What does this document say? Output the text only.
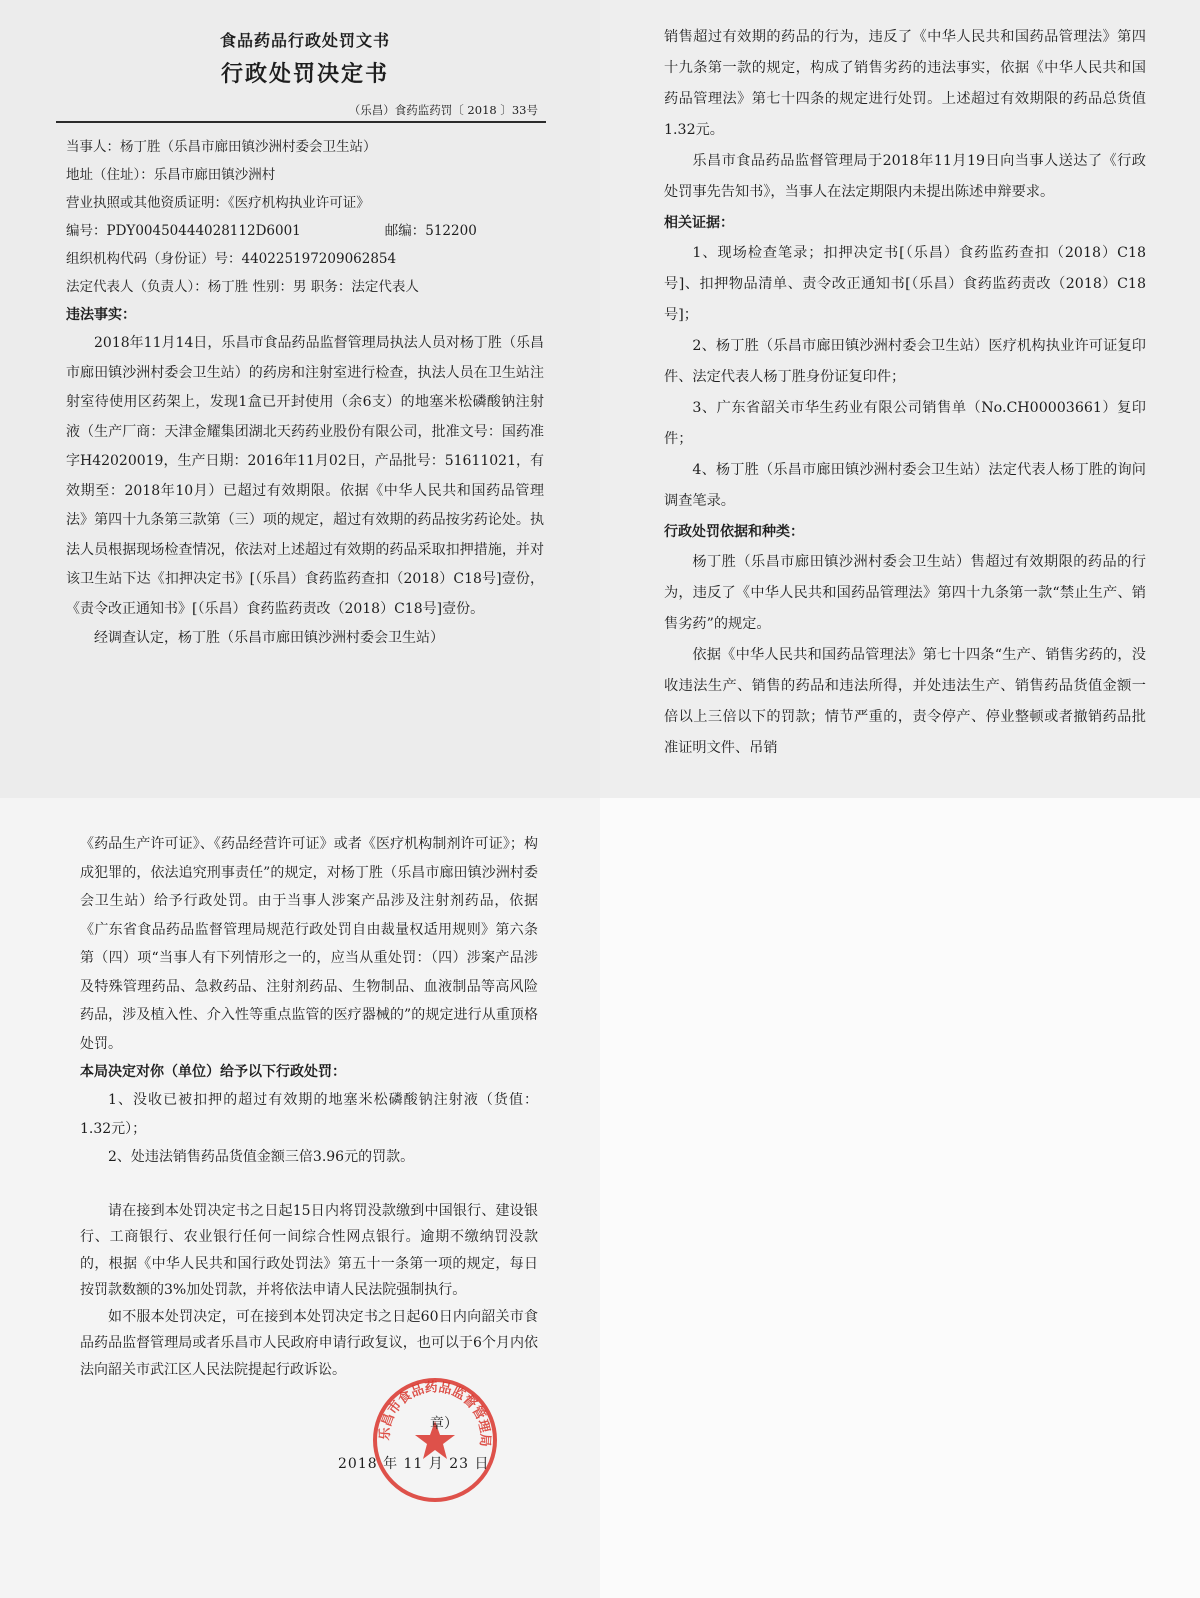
食品药品行政处罚文书

行政处罚决定书

（乐昌）食药监药罚〔 2018 〕33号

当事人：杨丁胜（乐昌市廊田镇沙洲村委会卫生站）

地址（住址）：乐昌市廊田镇沙洲村

营业执照或其他资质证明：《医疗机构执业许可证》

编号：PDY00450444028112D6001	邮编：512200

组织机构代码（身份证）号：440225197209062854

法定代表人（负责人）：杨丁胜 性别：男 职务：法定代表人

违法事实：

2018年11月14日，乐昌市食品药品监督管理局执法人员对杨丁胜（乐昌市廊田镇沙洲村委会卫生站）的药房和注射室进行检查，执法人员在卫生站注射室待使用区药架上，发现1盒已开封使用（余6支）的地塞米松磷酸钠注射液（生产厂商：天津金耀集团湖北天药药业股份有限公司，批准文号：国药准字H42020019，生产日期：2016年11月02日，产品批号：51611021，有效期至：2018年10月）已超过有效期限。依据《中华人民共和国药品管理法》第四十九条第三款第（三）项的规定，超过有效期的药品按劣药论处。执法人员根据现场检查情况，依法对上述超过有效期的药品采取扣押措施，并对该卫生站下达《扣押决定书》[（乐昌）食药监药查扣（2018）C18号]壹份，《责令改正通知书》[（乐昌）食药监药责改（2018）C18号]壹份。

经调查认定，杨丁胜（乐昌市廊田镇沙洲村委会卫生站）

销售超过有效期的药品的行为，违反了《中华人民共和国药品管理法》第四十九条第一款的规定，构成了销售劣药的违法事实，依据《中华人民共和国药品管理法》第七十四条的规定进行处罚。上述超过有效期限的药品总货值1.32元。

乐昌市食品药品监督管理局于2018年11月19日向当事人送达了《行政处罚事先告知书》，当事人在法定期限内未提出陈述申辩要求。

相关证据：

1、现场检查笔录；扣押决定书[（乐昌）食药监药查扣（2018）C18号]、扣押物品清单、责令改正通知书[（乐昌）食药监药责改（2018）C18号]；

2、杨丁胜（乐昌市廊田镇沙洲村委会卫生站）医疗机构执业许可证复印件、法定代表人杨丁胜身份证复印件；

3、广东省韶关市华生药业有限公司销售单（No.CH00003661）复印件；

4、杨丁胜（乐昌市廊田镇沙洲村委会卫生站）法定代表人杨丁胜的询问调查笔录。

行政处罚依据和种类：

杨丁胜（乐昌市廊田镇沙洲村委会卫生站）售超过有效期限的药品的行为，违反了《中华人民共和国药品管理法》第四十九条第一款“禁止生产、销售劣药”的规定。

依据《中华人民共和国药品管理法》第七十四条“生产、销售劣药的，没收违法生产、销售的药品和违法所得，并处违法生产、销售药品货值金额一倍以上三倍以下的罚款；情节严重的，责令停产、停业整顿或者撤销药品批准证明文件、吊销

《药品生产许可证》、《药品经营许可证》或者《医疗机构制剂许可证》；构成犯罪的，依法追究刑事责任”的规定，对杨丁胜（乐昌市廊田镇沙洲村委会卫生站）给予行政处罚。由于当事人涉案产品涉及注射剂药品，依据《广东省食品药品监督管理局规范行政处罚自由裁量权适用规则》第六条第（四）项“当事人有下列情形之一的，应当从重处罚：（四）涉案产品涉及特殊管理药品、急救药品、注射剂药品、生物制品、血液制品等高风险药品，涉及植入性、介入性等重点监管的医疗器械的”的规定进行从重顶格处罚。

本局决定对你（单位）给予以下行政处罚：

1、没收已被扣押的超过有效期的地塞米松磷酸钠注射液（货值：1.32元）；

2、处违法销售药品货值金额三倍3.96元的罚款。

请在接到本处罚决定书之日起15日内将罚没款缴到中国银行、建设银行、工商银行、农业银行任何一间综合性网点银行。逾期不缴纳罚没款的，根据《中华人民共和国行政处罚法》第五十一条第一项的规定，每日按罚款数额的3%加处罚款，并将依法申请人民法院强制执行。

如不服本处罚决定，可在接到本处罚决定书之日起60日内向韶关市食品药品监督管理局或者乐昌市人民政府申请行政复议，也可以于6个月内依法向韶关市武江区人民法院提起行政诉讼。

乐昌市食品药品监督管理局
章）
2018 年 11 月 23 日
